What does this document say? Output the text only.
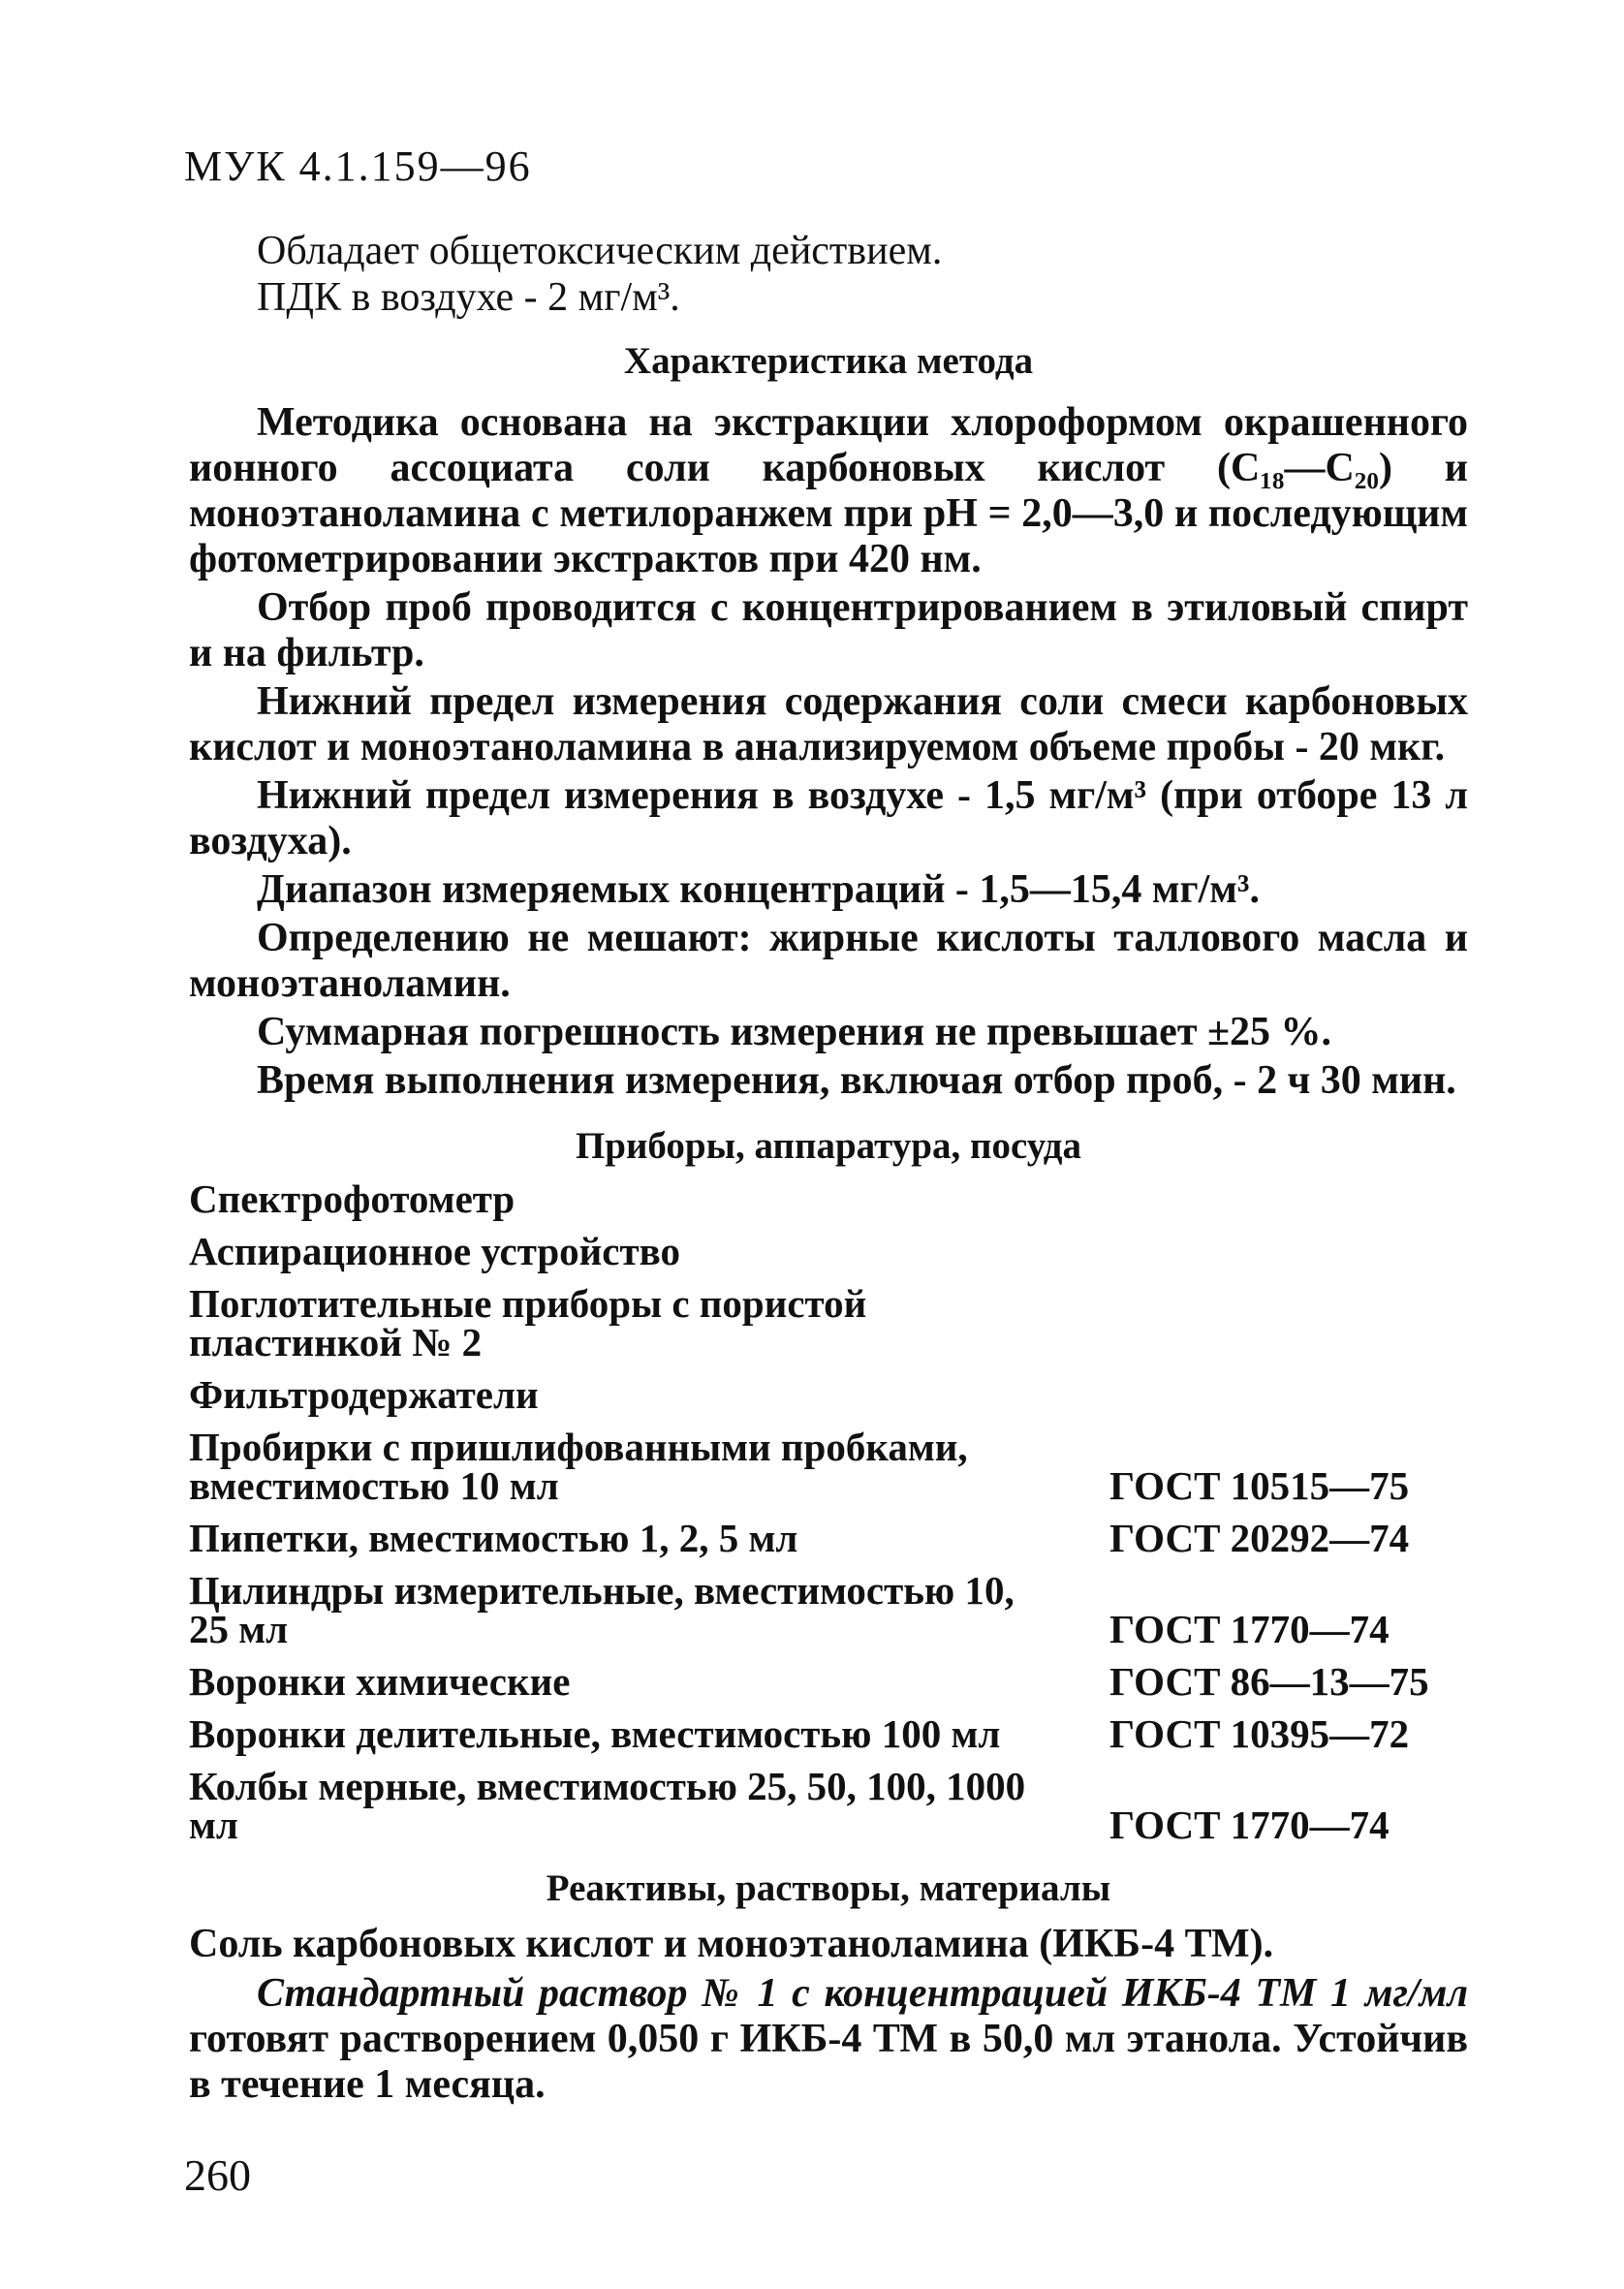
МУК 4.1.159—96

Обладает общетоксическим действием.

ПДК в воздухе - 2 мг/м³.

Характеристика метода

Методика основана на экстракции хлороформом окрашенного ионного ассоциата соли карбоновых кислот (C₁₈—C₂₀) и моноэтаноламина с метилоранжем при pH = 2,0—3,0 и последующим фотометрировании экстрактов при 420 нм.

Отбор проб проводится с концентрированием в этиловый спирт и на фильтр.

Нижний предел измерения содержания соли смеси карбоновых кислот и моноэтаноламина в анализируемом объеме пробы - 20 мкг.

Нижний предел измерения в воздухе - 1,5 мг/м³ (при отборе 13 л воздуха).

Диапазон измеряемых концентраций - 1,5—15,4 мг/м³.

Определению не мешают: жирные кислоты таллового масла и моноэтаноламин.

Суммарная погрешность измерения не превышает ±25 %.

Время выполнения измерения, включая отбор проб, - 2 ч 30 мин.

Приборы, аппаратура, посуда

Спектрофотометр
Аспирационное устройство
Поглотительные приборы с пористой пластинкой № 2
Фильтродержатели
Пробирки с пришлифованными пробками, вместимостью 10 мл	ГОСТ 10515—75
Пипетки, вместимостью 1, 2, 5 мл	ГОСТ 20292—74
Цилиндры измерительные, вместимостью 10, 25 мл	ГОСТ 1770—74
Воронки химические	ГОСТ 86—13—75
Воронки делительные, вместимостью 100 мл	ГОСТ 10395—72
Колбы мерные, вместимостью 25, 50, 100, 1000 мл	ГОСТ 1770—74

Реактивы, растворы, материалы

Соль карбоновых кислот и моноэтаноламина (ИКБ-4 ТМ).

Стандартный раствор № 1 с концентрацией ИКБ-4 ТМ 1 мг/мл готовят растворением 0,050 г ИКБ-4 ТМ в 50,0 мл этанола. Устойчив в течение 1 месяца.

260
